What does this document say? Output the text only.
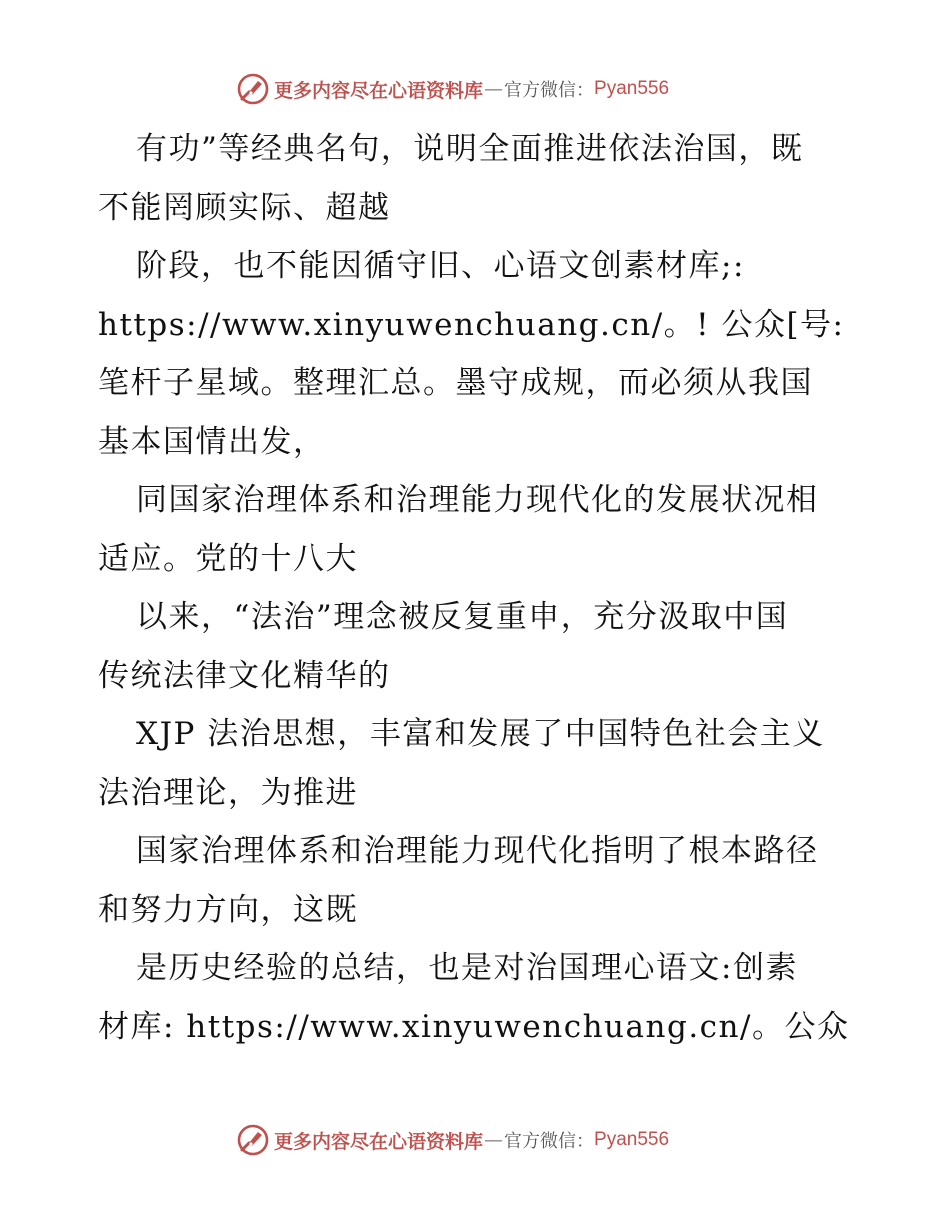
更多内容尽在心语资料库 — 官方微信： Pyan556
有功”等经典名句，说明全面推进依法治国，既
不能罔顾实际、超越
阶段，也不能因循守旧、心语文创素材库;:
https://www.xinyuwenchuang.cn/。! 公众[号:
笔杆子星域。整理汇总。墨守成规，而必须从我国
基本国情出发，
同国家治理体系和治理能力现代化的发展状况相
适应。党的十八大
以来，“法治”理念被反复重申，充分汲取中国
传统法律文化精华的
XJP 法治思想，丰富和发展了中国特色社会主义
法治理论，为推进
国家治理体系和治理能力现代化指明了根本路径
和努力方向，这既
是历史经验的总结，也是对治国理心语文:创素
材库: https://www.xinyuwenchuang.cn/。公众
更多内容尽在心语资料库 — 官方微信： Pyan556
